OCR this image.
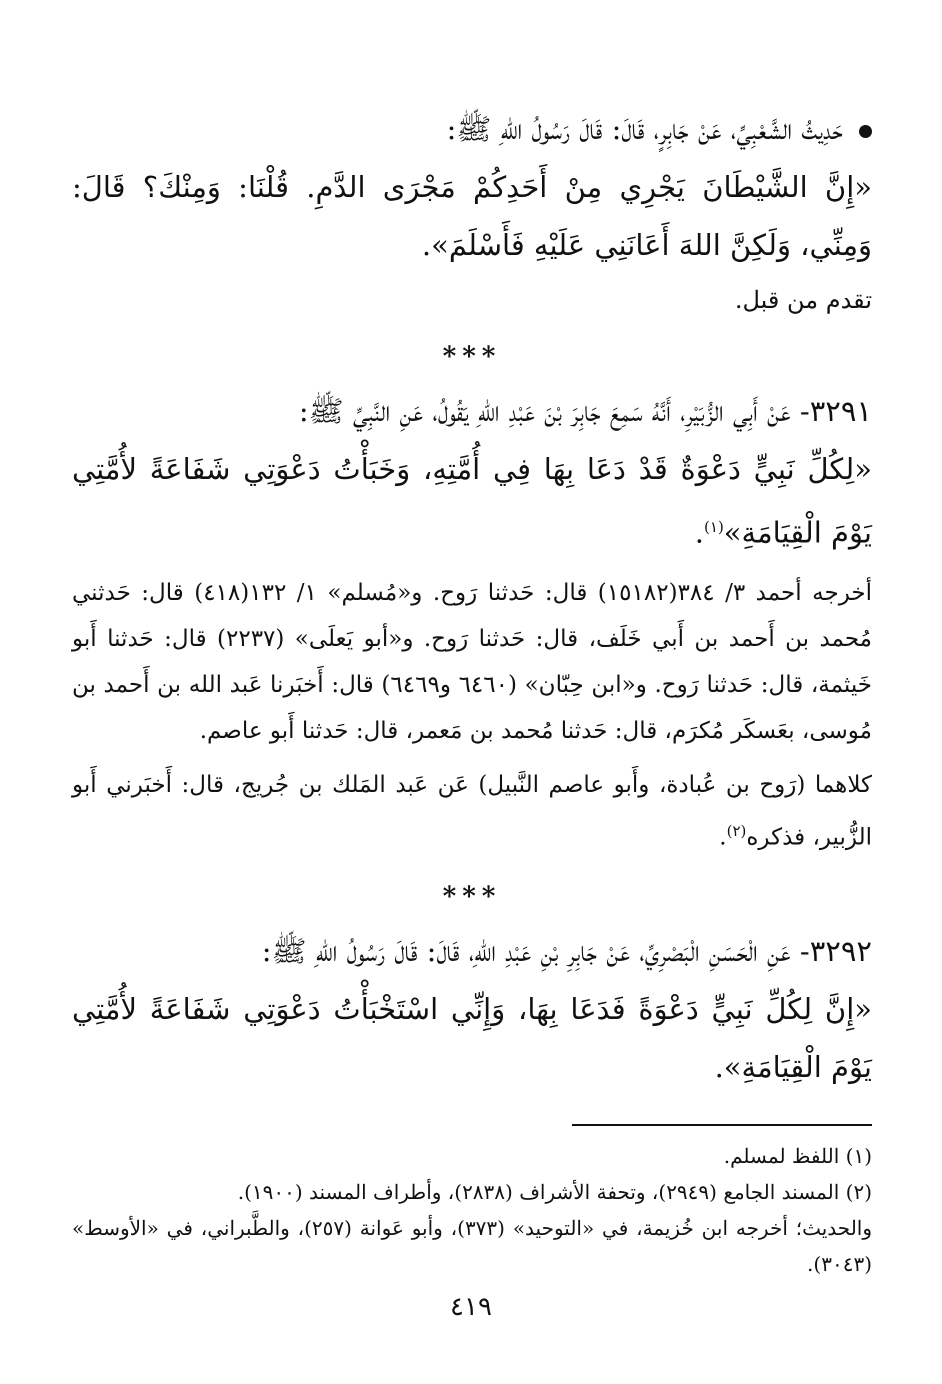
حَدِيثُ الشَّعْبِيِّ، عَنْ جَابِرٍ، قَالَ: قَالَ رَسُولُ اللهِ ﷺ:

«إِنَّ الشَّيْطَانَ يَجْرِي مِنْ أَحَدِكُمْ مَجْرَى الدَّمِ. قُلْنَا: وَمِنْكَ؟ قَالَ: وَمِنِّي، وَلَكِنَّ اللهَ أَعَانَنِي عَلَيْهِ فَأَسْلَمَ».

تقدم من قبل.

***

٣٢٩١- عَنْ أَبِي الزُّبَيْرِ، أَنَّهُ سَمِعَ جَابِرَ بْنَ عَبْدِ اللهِ يَقُولُ، عَنِ النَّبِيِّ ﷺ:

«لِكُلِّ نَبِيٍّ دَعْوَةٌ قَدْ دَعَا بِهَا فِي أُمَّتِهِ، وَخَبَأْتُ دَعْوَتِي شَفَاعَةً لأُمَّتِي يَوْمَ الْقِيَامَةِ»$^{(١)}$.

أخرجه أحمد ٣/ ٣٨٤(١٥١٨٢) قال: حَدثنا رَوح. و«مُسلم» ١/ ١٣٢(٤١٨) قال: حَدثني مُحمد بن أَحمد بن أَبي خَلَف، قال: حَدثنا رَوح. و«أبو يَعلَى» (٢٢٣٧) قال: حَدثنا أَبو خَيثمة، قال: حَدثنا رَوح. و«ابن حِبّان» (٦٤٦٠ و٦٤٦٩) قال: أَخبَرنا عَبد الله بن أَحمد بن مُوسى، بعَسكَر مُكرَم، قال: حَدثنا مُحمد بن مَعمر، قال: حَدثنا أَبو عاصم.

كلاهما (رَوح بن عُبادة، وأَبو عاصم النَّبيل) عَن عَبد المَلك بن جُريج، قال: أَخبَرني أَبو الزُّبير، فذكره$^{(٢)}$.

***

٣٢٩٢- عَنِ الْحَسَنِ الْبَصْرِيِّ، عَنْ جَابِرِ بْنِ عَبْدِ اللهِ، قَالَ: قَالَ رَسُولُ اللهِ ﷺ:

«إِنَّ لِكُلِّ نَبِيٍّ دَعْوَةً فَدَعَا بِهَا، وَإِنِّي اسْتَخْبَأْتُ دَعْوَتِي شَفَاعَةً لأُمَّتِي يَوْمَ الْقِيَامَةِ».

(١) اللفظ لمسلم.

(٢) المسند الجامع (٢٩٤٩)، وتحفة الأشراف (٢٨٣٨)، وأطراف المسند (١٩٠٠).

والحديث؛ أخرجه ابن خُزيمة، في «التوحيد» (٣٧٣)، وأبو عَوانة (٢٥٧)، والطَّبراني، في «الأوسط» (٣٠٤٣).

٤١٩
